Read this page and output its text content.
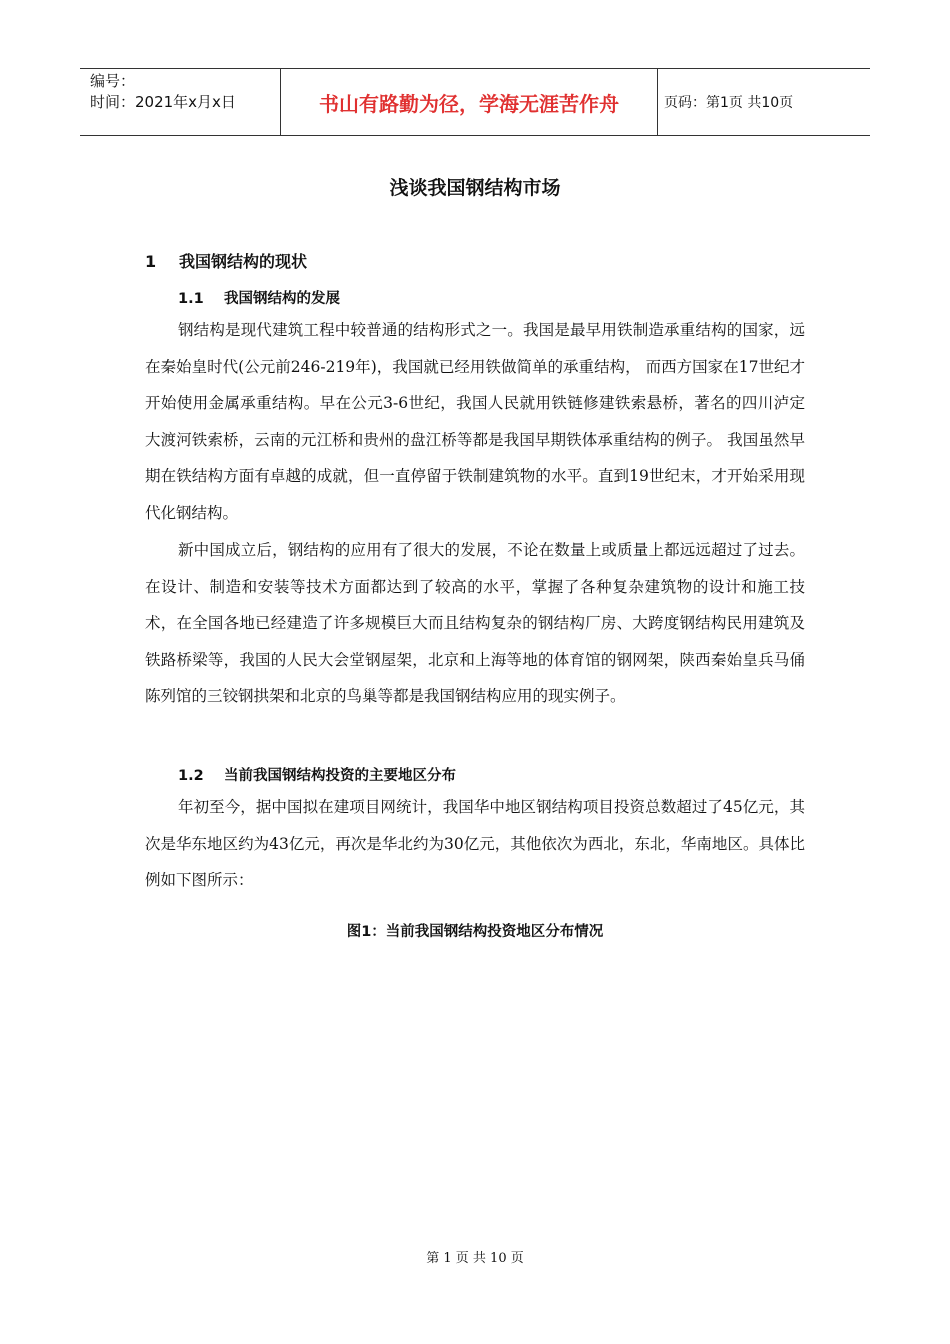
编号：
时间：2021年x月x日	书山有路勤为径，学海无涯苦作舟	页码：第1页 共10页
浅谈我国钢结构市场
1 我国钢结构的现状
1.1 我国钢结构的发展

钢结构是现代建筑工程中较普通的结构形式之一。我国是最早用铁制造承重结构的国家，远在秦始皇时代(公元前246-219年)，我国就已经用铁做简单的承重结构， 而西方国家在17世纪才开始使用金属承重结构。早在公元3-6世纪，我国人民就用铁链修建铁索悬桥，著名的四川泸定大渡河铁索桥，云南的元江桥和贵州的盘江桥等都是我国早期铁体承重结构的例子。 我国虽然早期在铁结构方面有卓越的成就，但一直停留于铁制建筑物的水平。直到19世纪末，才开始采用现代化钢结构。

新中国成立后，钢结构的应用有了很大的发展，不论在数量上或质量上都远远超过了过去。在设计、制造和安装等技术方面都达到了较高的水平，掌握了各种复杂建筑物的设计和施工技术，在全国各地已经建造了许多规模巨大而且结构复杂的钢结构厂房、大跨度钢结构民用建筑及铁路桥梁等，我国的人民大会堂钢屋架，北京和上海等地的体育馆的钢网架，陕西秦始皇兵马俑陈列馆的三铰钢拱架和北京的鸟巢等都是我国钢结构应用的现实例子。

1.2 当前我国钢结构投资的主要地区分布

年初至今，据中国拟在建项目网统计，我国华中地区钢结构项目投资总数超过了45亿元，其次是华东地区约为43亿元，再次是华北约为30亿元，其他依次为西北，东北，华南地区。具体比例如下图所示：

图1：当前我国钢结构投资地区分布情况
第 1 页 共 10 页
